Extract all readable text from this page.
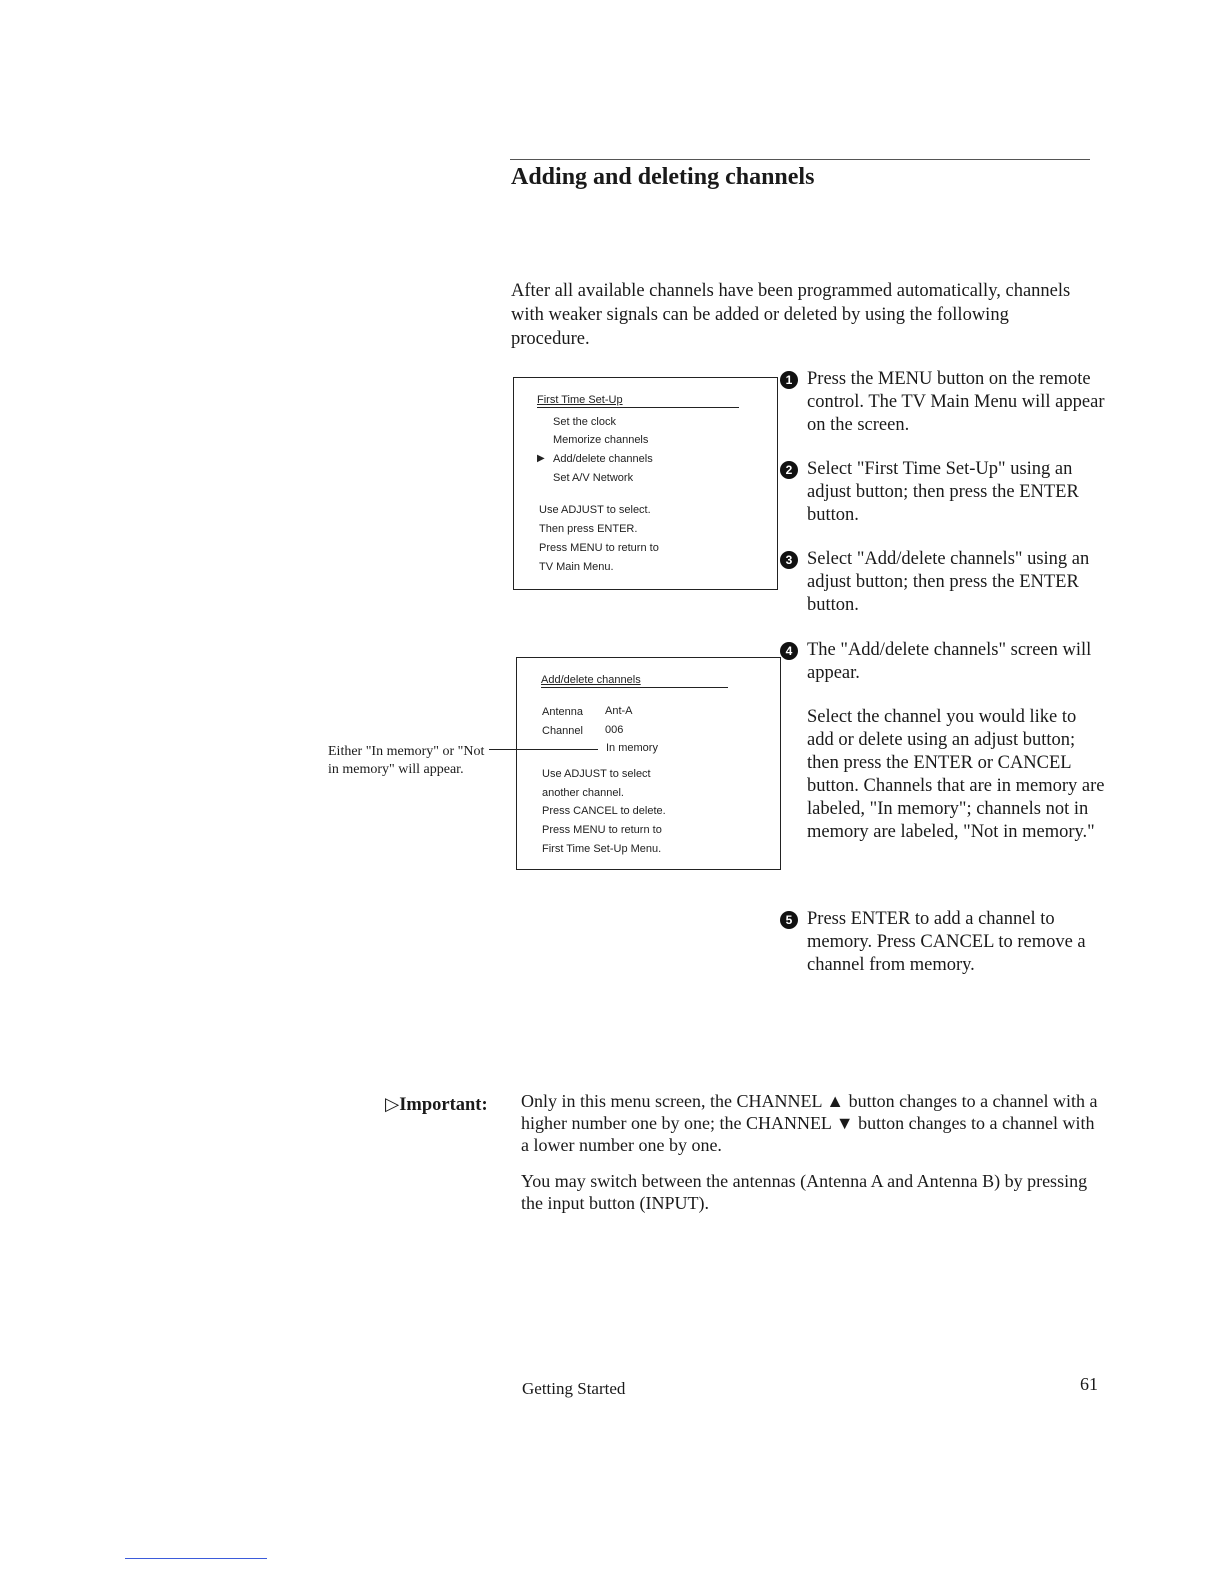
Adding and deleting channels

After all available channels have been programmed automatically, channels with weaker signals can be added or deleted by using the following procedure.

First Time Set-Up
Set the clock
Memorize channels
▶ Add/delete channels
Set A/V Network
Use ADJUST to select.
Then press ENTER.
Press MENU to return to
TV Main Menu.
Add/delete channels
Antenna Ant-A
Channel 006
In memory
Use ADJUST to select
another channel.
Press CANCEL to delete.
Press MENU to return to
First Time Set-Up Menu.
Either "In memory" or "Not in memory" will appear.
1 Press the MENU button on the remote control. The TV Main Menu will appear on the screen.
2 Select "First Time Set-Up" using an adjust button; then press the ENTER button.
3 Select "Add/delete channels" using an adjust button; then press the ENTER button.
4 The "Add/delete channels" screen will appear.
Select the channel you would like to add or delete using an adjust button; then press the ENTER or CANCEL button. Channels that are in memory are labeled, "In memory"; channels not in memory are labeled, "Not in memory."
5 Press ENTER to add a channel to memory. Press CANCEL to remove a channel from memory.
▷Important: Only in this menu screen, the CHANNEL ▲ button changes to a channel with a higher number one by one; the CHANNEL ▼ button changes to a channel with a lower number one by one.

You may switch between the antennas (Antenna A and Antenna B) by pressing the input button (INPUT).

Getting Started	61
